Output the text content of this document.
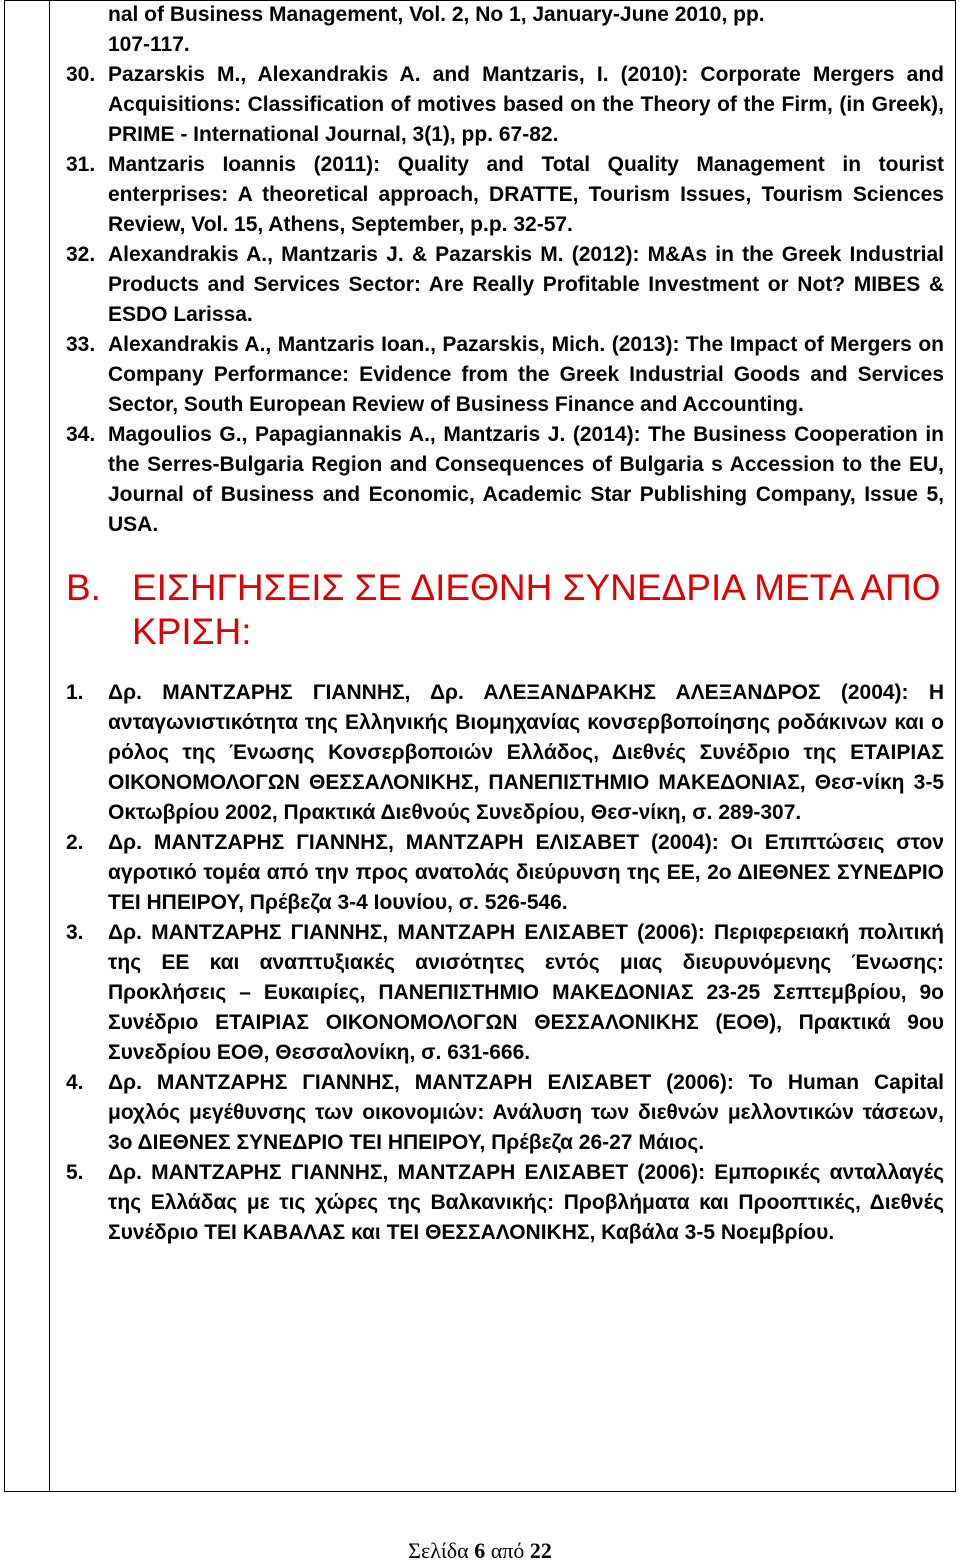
nal of Business Management, Vol. 2, No 1, January-June 2010, pp.
107-117.
30. Pazarskis M., Alexandrakis A. and Mantzaris, I. (2010): Corporate Mergers and Acquisitions: Classification of motives based on the Theory of the Firm, (in Greek), PRIME - International Journal, 3(1), pp. 67-82.
31. Mantzaris Ioannis (2011): Quality and Total Quality Management in tourist enterprises: A theoretical approach, DRATTE, Tourism Issues, Tourism Sciences Review, Vol. 15, Athens, September, p.p. 32-57.
32. Alexandrakis A., Mantzaris J. & Pazarskis M. (2012): M&As in the Greek Industrial Products and Services Sector: Are Really Profitable Investment or Not? MIBES & ESDO Larissa.
33. Alexandrakis A., Mantzaris Ioan., Pazarskis, Mich. (2013): The Impact of Mergers on Company Performance: Evidence from the Greek Industrial Goods and Services Sector, South European Review of Business Finance and Accounting.
34. Magoulios G., Papagiannakis A., Mantzaris J. (2014): The Business Cooperation in the Serres-Bulgaria Region and Consequences of Bulgaria s Accession to the EU, Journal of Business and Economic, Academic Star Publishing Company, Issue 5, USA.
B. ΕΙΣΗΓΗΣΕΙΣ ΣΕ ΔΙΕΘΝΗ ΣΥΝΕΔΡΙΑ ΜΕΤΑ ΑΠΟ ΚΡΙΣΗ:
1.	Δρ. ΜΑΝΤΖΑΡΗΣ ΓΙΑΝΝΗΣ, Δρ. ΑΛΕΞΑΝΔΡΑΚΗΣ ΑΛΕΞΑΝΔΡΟΣ (2004): Η ανταγωνιστικότητα της Ελληνικής Βιομηχανίας κονσερβοποίησης ροδάκινων και ο ρόλος της Ένωσης Κονσερβοποιών Ελλάδος, Διεθνές Συνέδριο της ΕΤΑΙΡΙΑΣ ΟΙΚΟΝΟΜΟΛΟΓΩΝ ΘΕΣΣΑΛΟΝΙΚΗΣ, ΠΑΝΕΠΙΣΤΗΜΙΟ ΜΑΚΕΔΟΝΙΑΣ, Θεσ-νίκη 3-5 Οκτωβρίου 2002, Πρακτικά Διεθνούς Συνεδρίου, Θεσ-νίκη, σ. 289-307.
2.	Δρ. ΜΑΝΤΖΑΡΗΣ ΓΙΑΝΝΗΣ, ΜΑΝΤΖΑΡΗ ΕΛΙΣΑΒΕΤ (2004): Οι Επιπτώσεις στον αγροτικό τομέα από την προς ανατολάς διεύρυνση της ΕΕ, 2ο ΔΙΕΘΝΕΣ ΣΥΝΕΔΡΙΟ ΤΕΙ ΗΠΕΙΡΟΥ, Πρέβεζα 3-4 Ιουνίου, σ. 526-546.
3.	Δρ. ΜΑΝΤΖΑΡΗΣ ΓΙΑΝΝΗΣ, ΜΑΝΤΖΑΡΗ ΕΛΙΣΑΒΕΤ (2006): Περιφερειακή πολιτική της ΕΕ και αναπτυξιακές ανισότητες εντός μιας διευρυνόμενης Ένωσης: Προκλήσεις – Ευκαιρίες, ΠΑΝΕΠΙΣΤΗΜΙΟ ΜΑΚΕΔΟΝΙΑΣ 23-25 Σεπτεμβρίου, 9ο Συνέδριο ΕΤΑΙΡΙΑΣ ΟΙΚΟΝΟΜΟΛΟΓΩΝ ΘΕΣΣΑΛΟΝΙΚΗΣ (ΕΟΘ), Πρακτικά 9ου Συνεδρίου ΕΟΘ, Θεσσαλονίκη, σ. 631-666.
4.	Δρ. ΜΑΝΤΖΑΡΗΣ ΓΙΑΝΝΗΣ, ΜΑΝΤΖΑΡΗ ΕΛΙΣΑΒΕΤ (2006): Το Human Capital μοχλός μεγέθυνσης των οικονομιών: Ανάλυση των διεθνών μελλοντικών τάσεων, 3ο ΔΙΕΘΝΕΣ ΣΥΝΕΔΡΙΟ ΤΕΙ ΗΠΕΙΡΟΥ, Πρέβεζα 26-27 Μάιος.
5.	Δρ. ΜΑΝΤΖΑΡΗΣ ΓΙΑΝΝΗΣ, ΜΑΝΤΖΑΡΗ ΕΛΙΣΑΒΕΤ (2006): Εμπορικές ανταλλαγές της Ελλάδας με τις χώρες της Βαλκανικής: Προβλήματα και Προοπτικές, Διεθνές Συνέδριο ΤΕΙ ΚΑΒΑΛΑΣ και ΤΕΙ ΘΕΣΣΑΛΟΝΙΚΗΣ, Καβάλα 3-5 Νοεμβρίου.
Σελίδα 6 από 22
